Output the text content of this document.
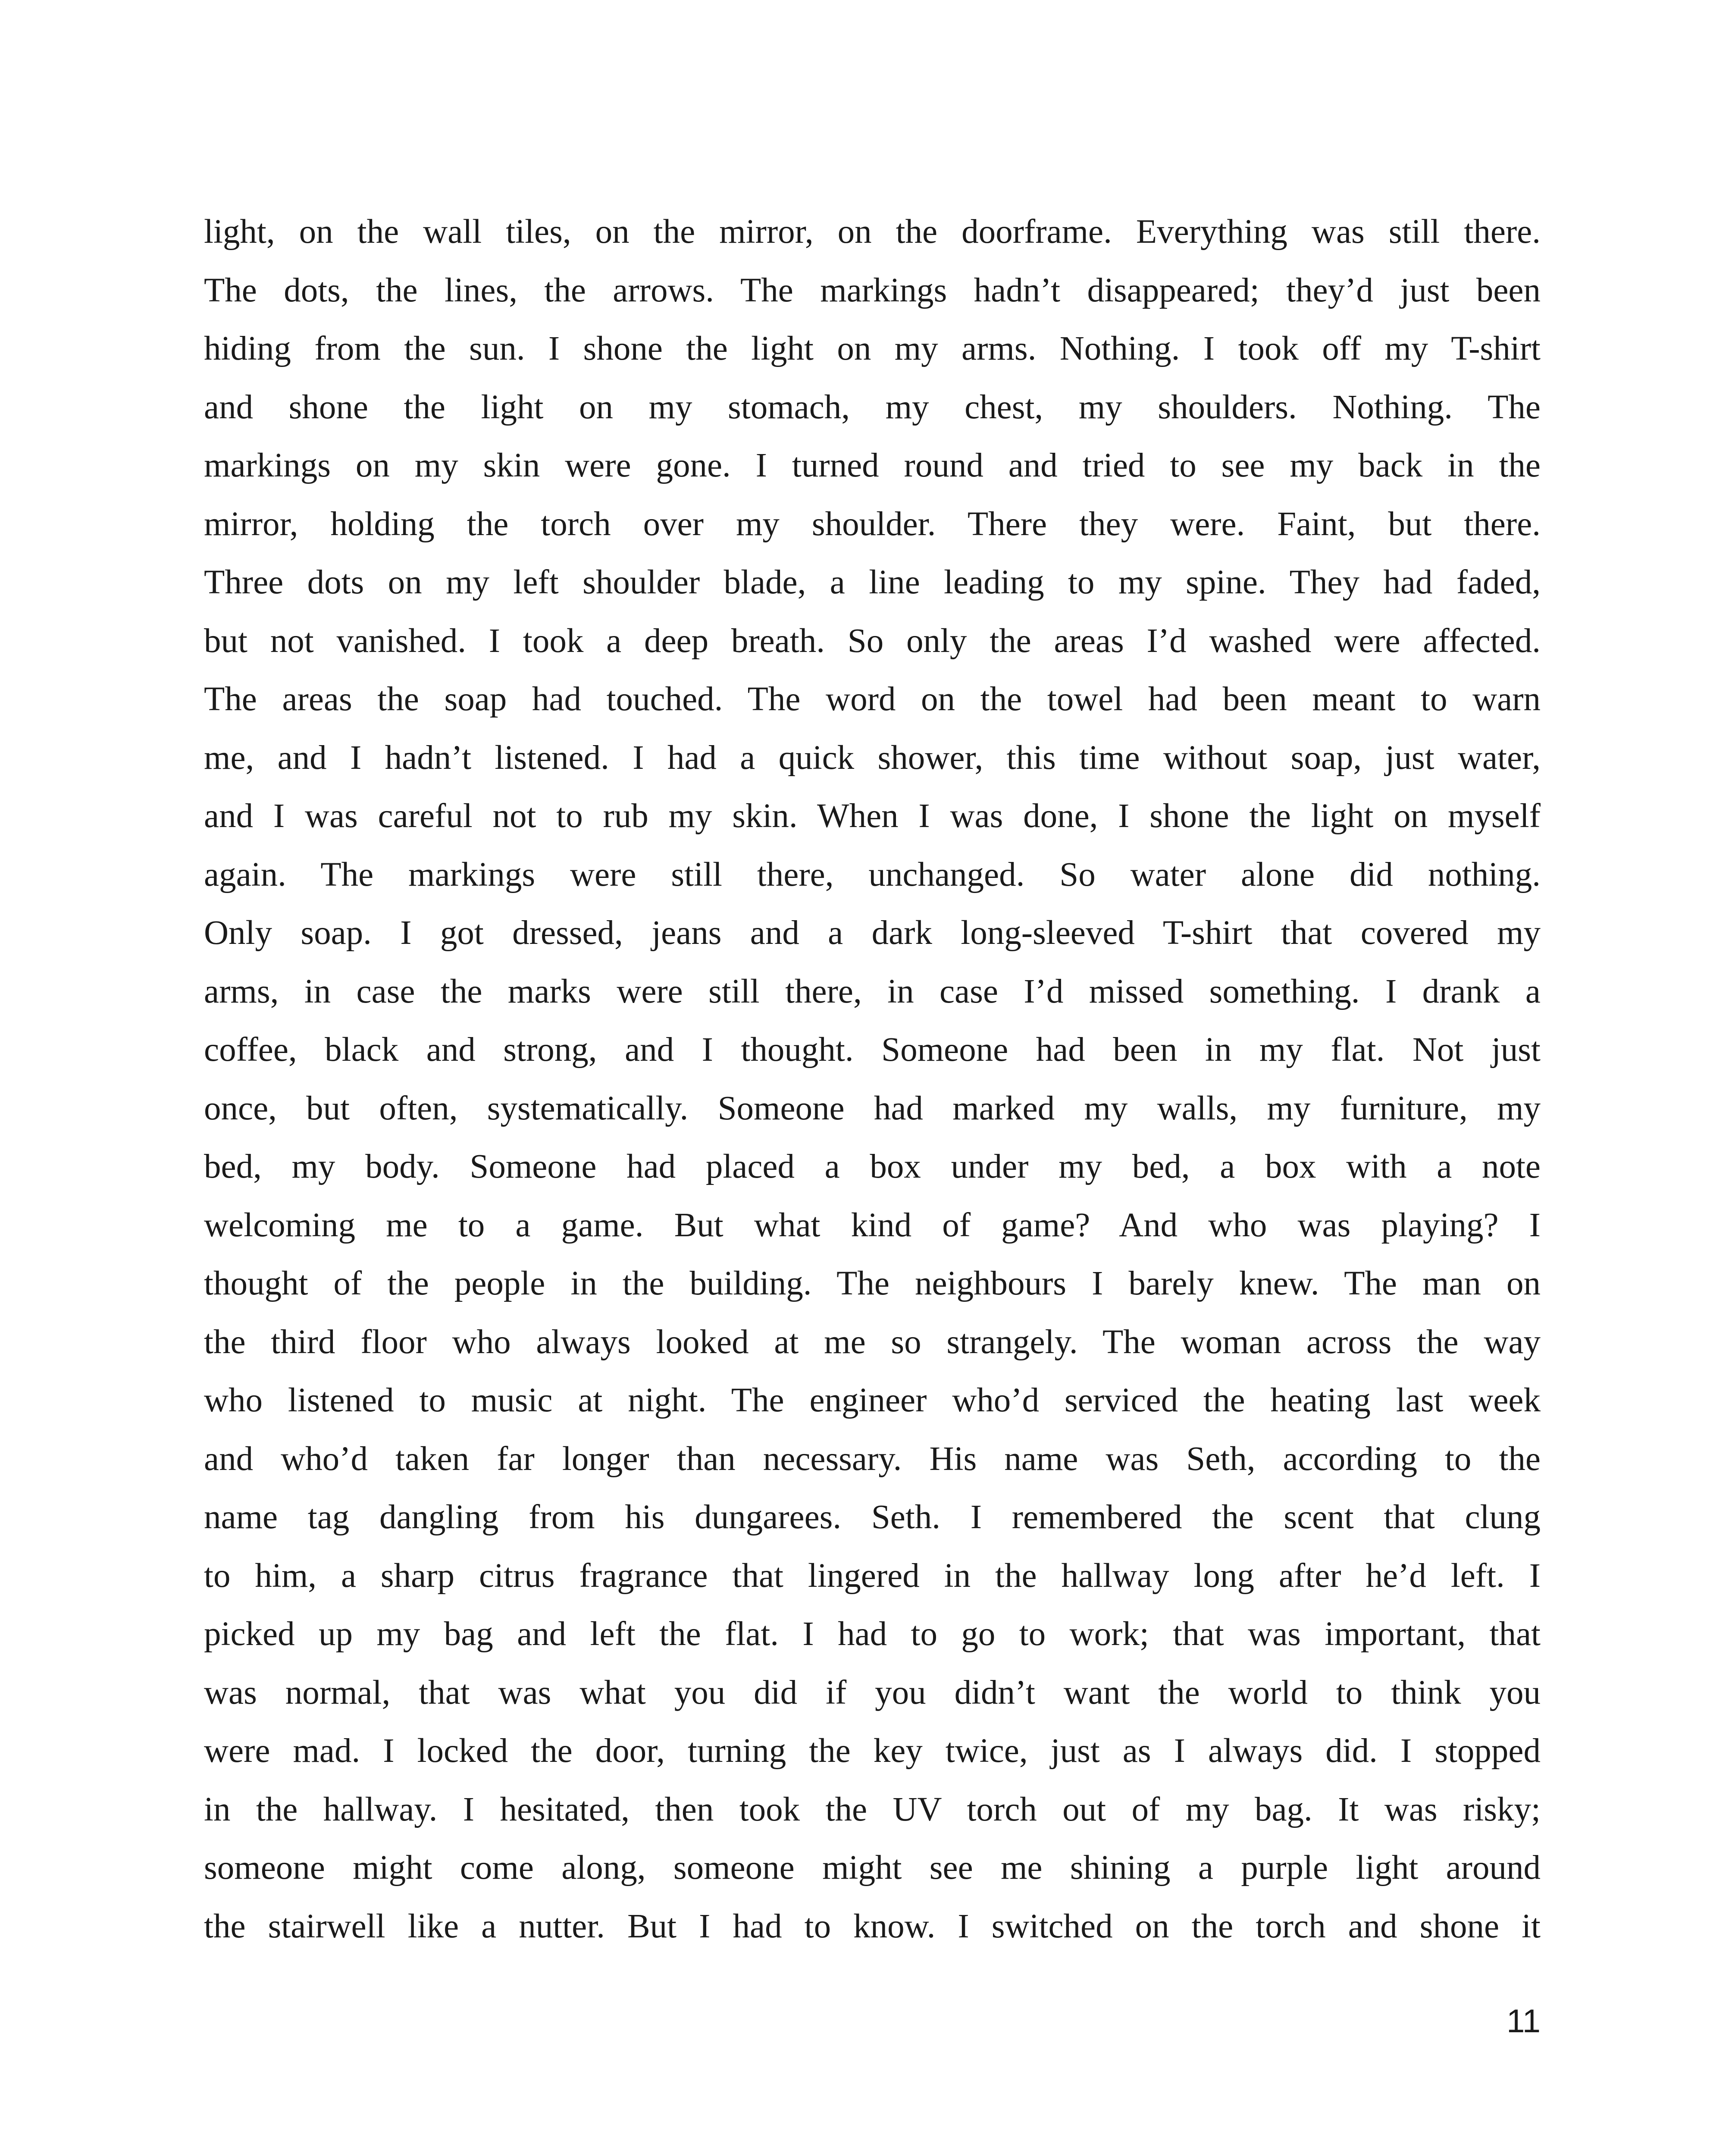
light, on the wall tiles, on the mirror, on the doorframe. Everything was still there.
The dots, the lines, the arrows. The markings hadn’t disappeared; they’d just been
hiding from the sun. I shone the light on my arms. Nothing. I took off my T-shirt
and shone the light on my stomach, my chest, my shoulders. Nothing. The
markings on my skin were gone. I turned round and tried to see my back in the
mirror, holding the torch over my shoulder. There they were. Faint, but there.
Three dots on my left shoulder blade, a line leading to my spine. They had faded,
but not vanished. I took a deep breath. So only the areas I’d washed were affected.
The areas the soap had touched. The word on the towel had been meant to warn
me, and I hadn’t listened. I had a quick shower, this time without soap, just water,
and I was careful not to rub my skin. When I was done, I shone the light on myself
again. The markings were still there, unchanged. So water alone did nothing.
Only soap. I got dressed, jeans and a dark long-sleeved T-shirt that covered my
arms, in case the marks were still there, in case I’d missed something. I drank a
coffee, black and strong, and I thought. Someone had been in my flat. Not just
once, but often, systematically. Someone had marked my walls, my furniture, my
bed, my body. Someone had placed a box under my bed, a box with a note
welcoming me to a game. But what kind of game? And who was playing? I
thought of the people in the building. The neighbours I barely knew. The man on
the third floor who always looked at me so strangely. The woman across the way
who listened to music at night. The engineer who’d serviced the heating last week
and who’d taken far longer than necessary. His name was Seth, according to the
name tag dangling from his dungarees. Seth. I remembered the scent that clung
to him, a sharp citrus fragrance that lingered in the hallway long after he’d left. I
picked up my bag and left the flat. I had to go to work; that was important, that
was normal, that was what you did if you didn’t want the world to think you
were mad. I locked the door, turning the key twice, just as I always did. I stopped
in the hallway. I hesitated, then took the UV torch out of my bag. It was risky;
someone might come along, someone might see me shining a purple light around
the stairwell like a nutter. But I had to know. I switched on the torch and shone it
11
